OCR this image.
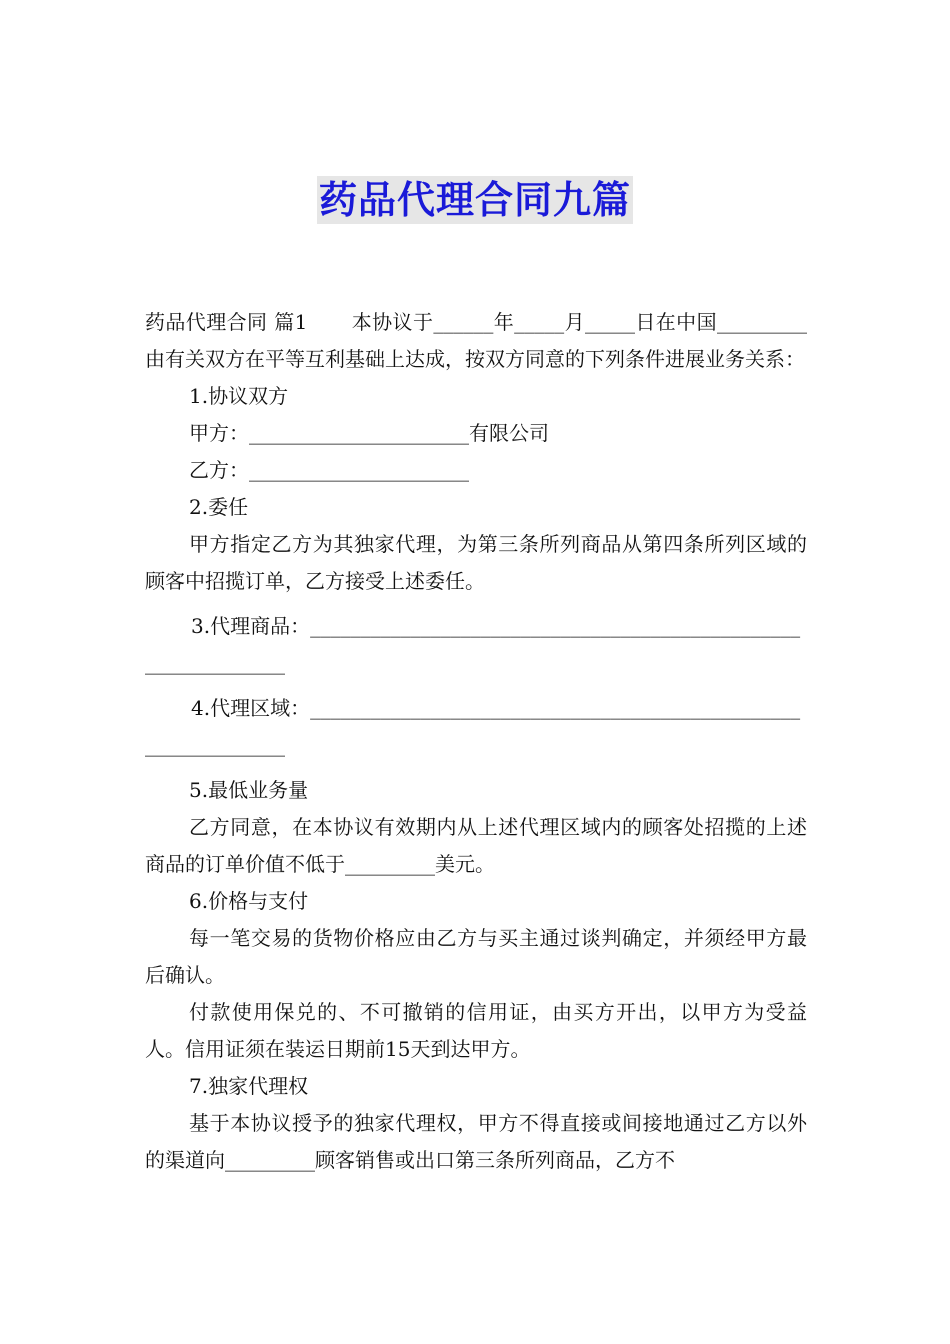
药品代理合同九篇

药品代理合同 篇1 本协议于______年_____月_____日在中国_________由有关双方在平等互利基础上达成，按双方同意的下列条件进展业务关系：

1.协议双方

甲方：______________________有限公司

乙方：______________________

2.委任

甲方指定乙方为其独家代理，为第三条所列商品从第四条所列区域的顾客中招揽订单，乙方接受上述委任。

3.代理商品：_________________________________________________

______________

4.代理区域：_________________________________________________

______________

5.最低业务量

乙方同意，在本协议有效期内从上述代理区域内的顾客处招揽的上述商品的订单价值不低于_________美元。

6.价格与支付

每一笔交易的货物价格应由乙方与买主通过谈判确定，并须经甲方最后确认。

付款使用保兑的、不可撤销的信用证，由买方开出，以甲方为受益人。信用证须在装运日期前15天到达甲方。

7.独家代理权

基于本协议授予的独家代理权，甲方不得直接或间接地通过乙方以外的渠道向_________顾客销售或出口第三条所列商品，乙方不
